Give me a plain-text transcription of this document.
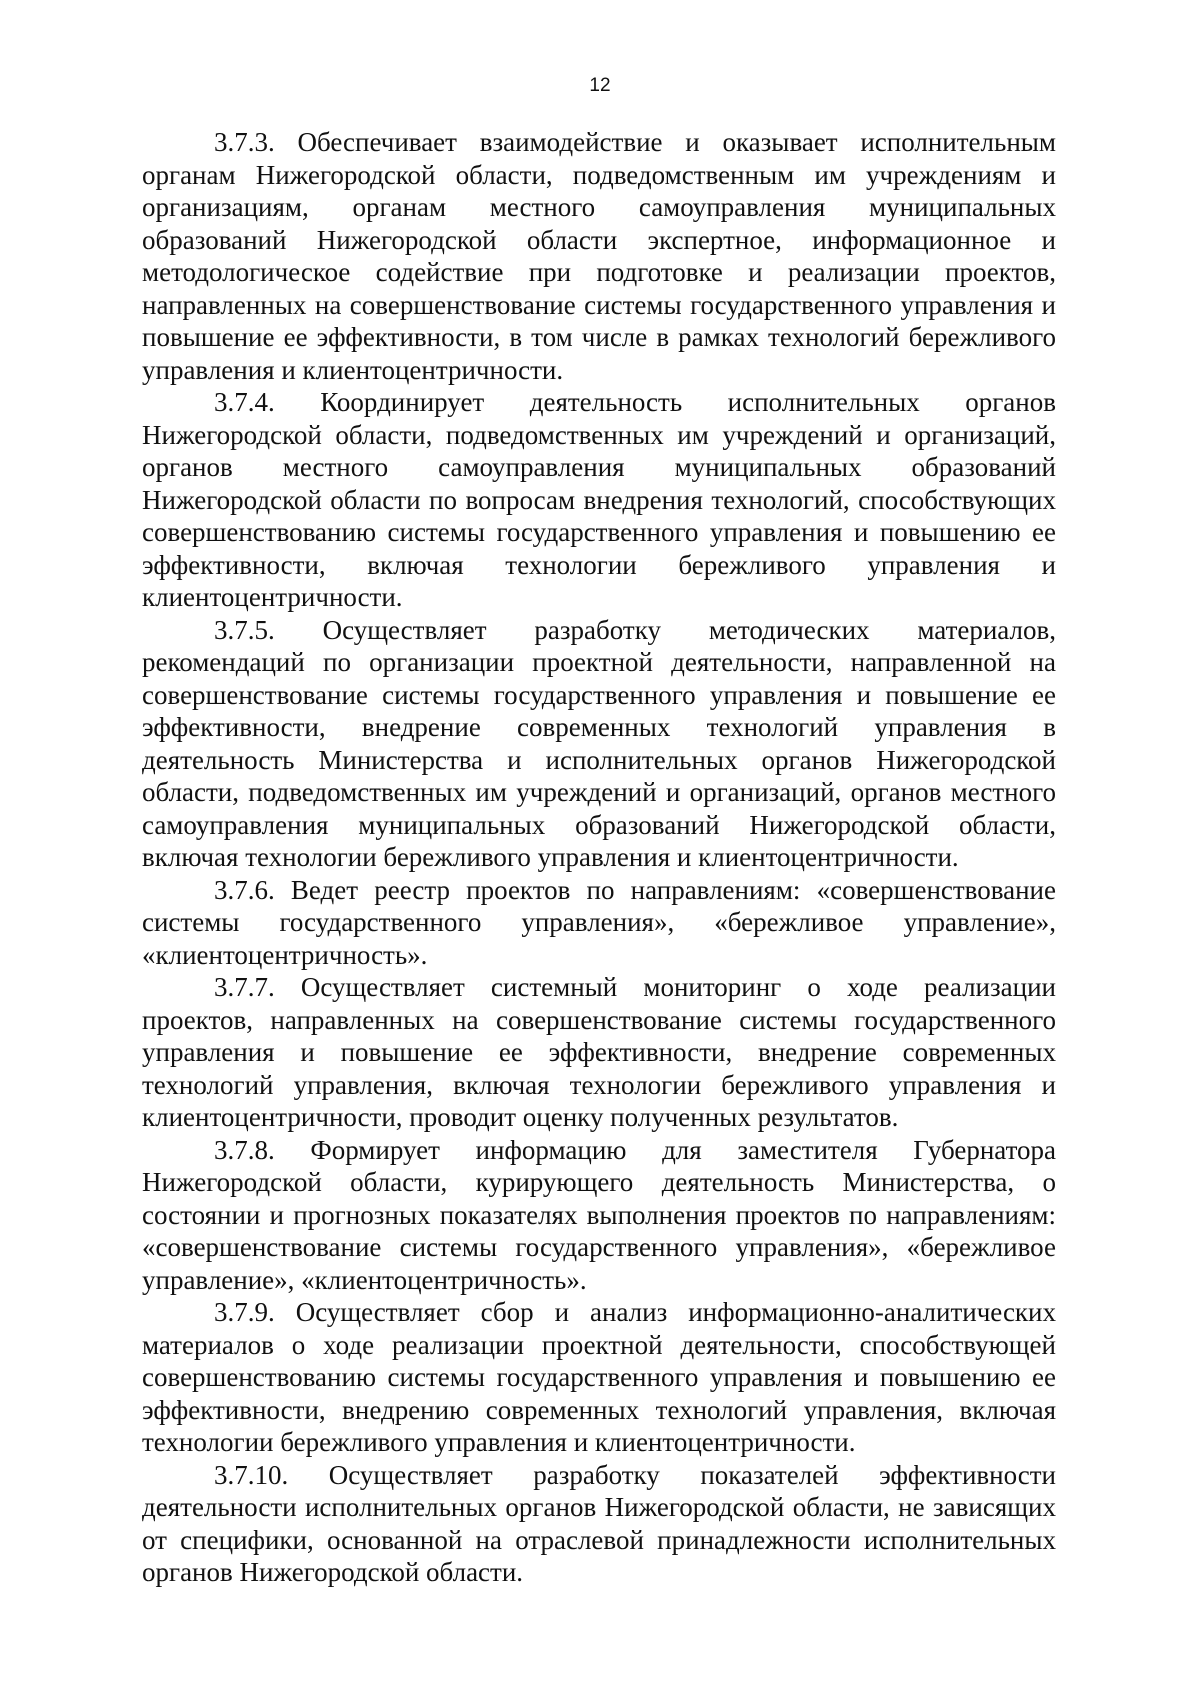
12

3.7.3. Обеспечивает взаимодействие и оказывает исполнительным органам Нижегородской области, подведомственным им учреждениям и организациям, органам местного самоуправления муниципальных образований Нижегородской области экспертное, информационное и методологическое содействие при подготовке и реализации проектов, направленных на совершенствование системы государственного управления и повышение ее эффективности, в том числе в рамках технологий бережливого управления и клиентоцентричности.

3.7.4. Координирует деятельность исполнительных органов Нижегородской области, подведомственных им учреждений и организаций, органов местного самоуправления муниципальных образований Нижегородской области по вопросам внедрения технологий, способствующих совершенствованию системы государственного управления и повышению ее эффективности, включая технологии бережливого управления и клиентоцентричности.

3.7.5. Осуществляет разработку методических материалов, рекомендаций по организации проектной деятельности, направленной на совершенствование системы государственного управления и повышение ее эффективности, внедрение современных технологий управления в деятельность Министерства и исполнительных органов Нижегородской области, подведомственных им учреждений и организаций, органов местного самоуправления муниципальных образований Нижегородской области, включая технологии бережливого управления и клиентоцентричности.

3.7.6. Ведет реестр проектов по направлениям: «совершенствование системы государственного управления», «бережливое управление», «клиентоцентричность».

3.7.7. Осуществляет системный мониторинг о ходе реализации проектов, направленных на совершенствование системы государственного управления и повышение ее эффективности, внедрение современных технологий управления, включая технологии бережливого управления и клиентоцентричности, проводит оценку полученных результатов.

3.7.8. Формирует информацию для заместителя Губернатора Нижегородской области, курирующего деятельность Министерства, о состоянии и прогнозных показателях выполнения проектов по направлениям: «совершенствование системы государственного управления», «бережливое управление», «клиентоцентричность».

3.7.9. Осуществляет сбор и анализ информационно-аналитических материалов о ходе реализации проектной деятельности, способствующей совершенствованию системы государственного управления и повышению ее эффективности, внедрению современных технологий управления, включая технологии бережливого управления и клиентоцентричности.

3.7.10. Осуществляет разработку показателей эффективности деятельности исполнительных органов Нижегородской области, не зависящих от специфики, основанной на отраслевой принадлежности исполнительных органов Нижегородской области.
